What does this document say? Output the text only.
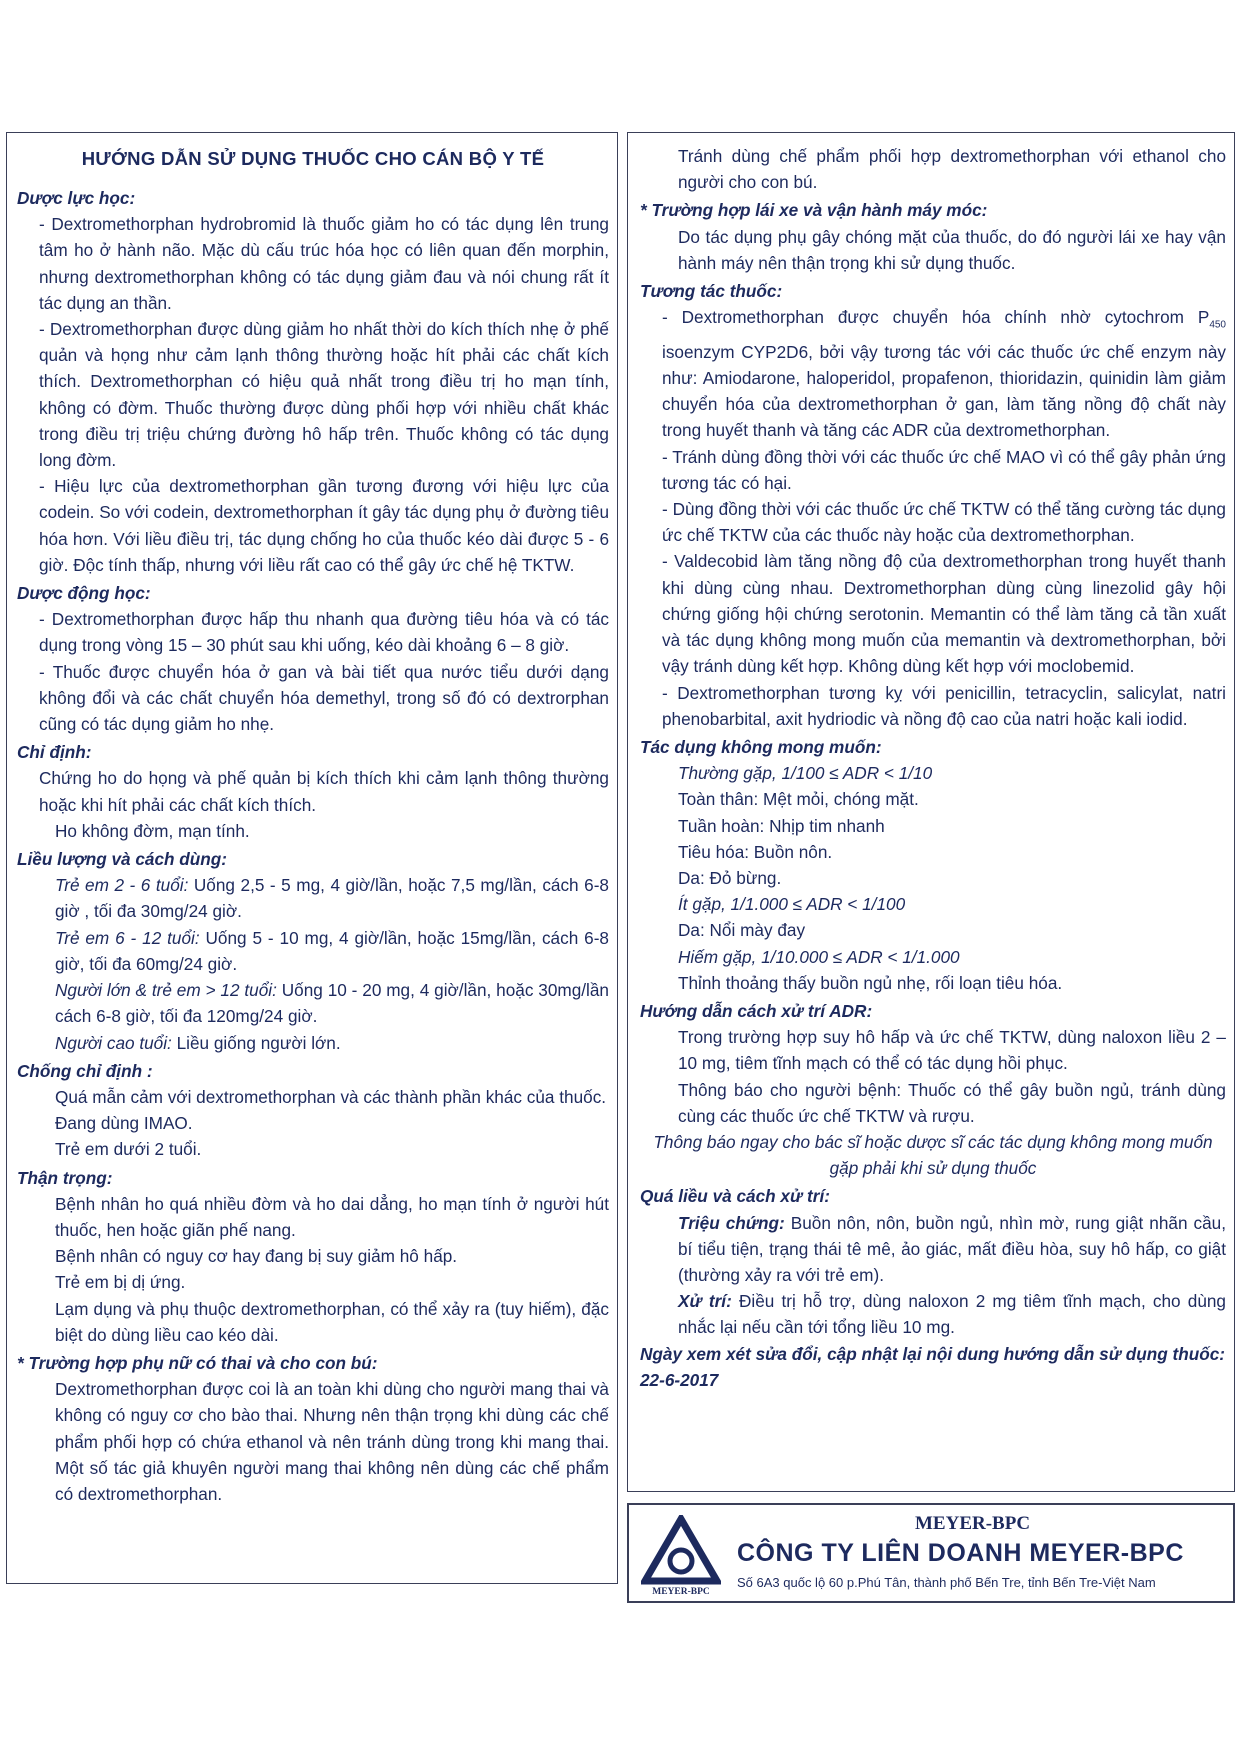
HƯỚNG DẪN SỬ DỤNG THUỐC CHO CÁN BỘ Y TẾ
Dược lực học:
- Dextromethorphan hydrobromid là thuốc giảm ho có tác dụng lên trung tâm ho ở hành não. Mặc dù cấu trúc hóa học có liên quan đến morphin, nhưng dextromethorphan không có tác dụng giảm đau và nói chung rất ít tác dụng an thần.
- Dextromethorphan được dùng giảm ho nhất thời do kích thích nhẹ ở phế quản và họng như cảm lạnh thông thường hoặc hít phải các chất kích thích. Dextromethorphan có hiệu quả nhất trong điều trị ho mạn tính, không có đờm. Thuốc thường được dùng phối hợp với nhiều chất khác trong điều trị triệu chứng đường hô hấp trên. Thuốc không có tác dụng long đờm.
- Hiệu lực của dextromethorphan gần tương đương với hiệu lực của codein. So với codein, dextromethorphan ít gây tác dụng phụ ở đường tiêu hóa hơn. Với liều điều trị, tác dụng chống ho của thuốc kéo dài được 5 - 6 giờ. Độc tính thấp, nhưng với liều rất cao có thể gây ức chế hệ TKTW.
Dược động học:
- Dextromethorphan được hấp thu nhanh qua đường tiêu hóa và có tác dụng trong vòng 15 – 30 phút sau khi uống, kéo dài khoảng 6 – 8 giờ.
- Thuốc được chuyển hóa ở gan và bài tiết qua nước tiểu dưới dạng không đổi và các chất chuyển hóa demethyl, trong số đó có dextrorphan cũng có tác dụng giảm ho nhẹ.
Chỉ định:
Chứng ho do họng và phế quản bị kích thích khi cảm lạnh thông thường hoặc khi hít phải các chất kích thích.
Ho không đờm, mạn tính.
Liều lượng và cách dùng:
Trẻ em 2 - 6 tuổi: Uống 2,5 - 5 mg, 4 giờ/lần, hoặc 7,5 mg/lần, cách 6-8 giờ , tối đa 30mg/24 giờ.
Trẻ em 6 - 12 tuổi: Uống 5 - 10 mg, 4 giờ/lần, hoặc 15mg/lần, cách 6-8 giờ, tối đa 60mg/24 giờ.
Người lớn & trẻ em > 12 tuổi: Uống 10 - 20 mg, 4 giờ/lần, hoặc 30mg/lần cách 6-8 giờ, tối đa 120mg/24 giờ.
Người cao tuổi: Liều giống người lớn.
Chống chỉ định :
Quá mẫn cảm với dextromethorphan và các thành phần khác của thuốc.
Đang dùng IMAO.
Trẻ em dưới 2 tuổi.
Thận trọng:
Bệnh nhân ho quá nhiều đờm và ho dai dẳng, ho mạn tính ở người hút thuốc, hen hoặc giãn phế nang.
Bệnh nhân có nguy cơ hay đang bị suy giảm hô hấp.
Trẻ em bị dị ứng.
Lạm dụng và phụ thuộc dextromethorphan, có thể xảy ra (tuy hiếm), đặc biệt do dùng liều cao kéo dài.
* Trường hợp phụ nữ có thai và cho con bú:
Dextromethorphan được coi là an toàn khi dùng cho người mang thai và không có nguy cơ cho bào thai. Nhưng nên thận trọng khi dùng các chế phẩm phối hợp có chứa ethanol và nên tránh dùng trong khi mang thai. Một số tác giả khuyên người mang thai không nên dùng các chế phẩm có dextromethorphan.
Tránh dùng chế phẩm phối hợp dextromethorphan với ethanol cho người cho con bú.
* Trường hợp lái xe và vận hành máy móc:
Do tác dụng phụ gây chóng mặt của thuốc, do đó người lái xe hay vận hành máy nên thận trọng khi sử dụng thuốc.
Tương tác thuốc:
- Dextromethorphan được chuyển hóa chính nhờ cytochrom $P_{450}$ isoenzym CYP2D6, bởi vậy tương tác với các thuốc ức chế enzym này như: Amiodarone, haloperidol, propafenon, thioridazin, quinidin làm giảm chuyển hóa của dextromethorphan ở gan, làm tăng nồng độ chất này trong huyết thanh và tăng các ADR của dextromethorphan.
- Tránh dùng đồng thời với các thuốc ức chế MAO vì có thể gây phản ứng tương tác có hại.
- Dùng đồng thời với các thuốc ức chế TKTW có thể tăng cường tác dụng ức chế TKTW của các thuốc này hoặc của dextromethorphan.
- Valdecobid làm tăng nồng độ của dextromethorphan trong huyết thanh khi dùng cùng nhau. Dextromethorphan dùng cùng linezolid gây hội chứng giống hội chứng serotonin. Memantin có thể làm tăng cả tần xuất và tác dụng không mong muốn của memantin và dextromethorphan, bởi vậy tránh dùng kết hợp. Không dùng kết hợp với moclobemid.
- Dextromethorphan tương kỵ với penicillin, tetracyclin, salicylat, natri phenobarbital, axit hydriodic và nồng độ cao của natri hoặc kali iodid.
Tác dụng không mong muốn:
Thường gặp, 1/100 ≤ ADR < 1/10
Toàn thân: Mệt mỏi, chóng mặt.
Tuần hoàn: Nhịp tim nhanh
Tiêu hóa: Buồn nôn.
Da: Đỏ bừng.
Ít gặp, 1/1.000 ≤ ADR < 1/100
Da: Nổi mày đay
Hiếm gặp, 1/10.000 ≤ ADR < 1/1.000
Thỉnh thoảng thấy buồn ngủ nhẹ, rối loạn tiêu hóa.
Hướng dẫn cách xử trí ADR:
Trong trường hợp suy hô hấp và ức chế TKTW, dùng naloxon liều 2 – 10 mg, tiêm tĩnh mạch có thể có tác dụng hồi phục.
Thông báo cho người bệnh: Thuốc có thể gây buồn ngủ, tránh dùng cùng các thuốc ức chế TKTW và rượu.
Thông báo ngay cho bác sĩ hoặc dược sĩ các tác dụng không mong muốn gặp phải khi sử dụng thuốc
Quá liều và cách xử trí:
Triệu chứng: Buồn nôn, nôn, buồn ngủ, nhìn mờ, rung giật nhãn cầu, bí tiểu tiện, trạng thái tê mê, ảo giác, mất điều hòa, suy hô hấp, co giật (thường xảy ra với trẻ em).
Xử trí: Điều trị hỗ trợ, dùng naloxon 2 mg tiêm tĩnh mạch, cho dùng nhắc lại nếu cần tới tổng liều 10 mg.
Ngày xem xét sửa đổi, cập nhật lại nội dung hướng dẫn sử dụng thuốc: 22-6-2017
MEYER-BPC
MEYER-BPC
CÔNG TY LIÊN DOANH MEYER-BPC
Số 6A3 quốc lộ 60 p.Phú Tân, thành phố Bến Tre, tỉnh Bến Tre-Việt Nam
